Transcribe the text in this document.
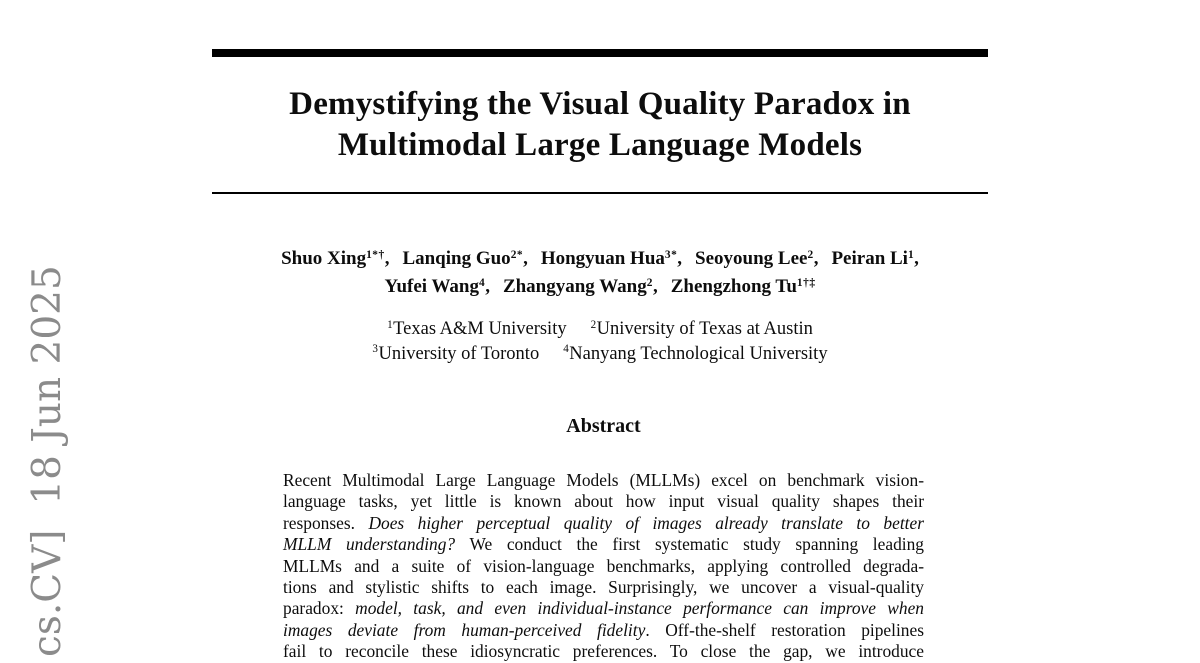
cs.CV]  18 Jun 2025
Demystifying the Visual Quality Paradox in
Multimodal Large Language Models
Shuo Xing$^{1*\dagger}$, Lanqing Guo$^{2*}$, Hongyuan Hua$^{3*}$, Seoyoung Lee$^2$, Peiran Li$^1$,
Yufei Wang$^4$, Zhangyang Wang$^2$, Zhengzhong $Tu^{1\dagger\ddagger}$
$^1$Texas A&M University $^2$University of Texas at Austin
$^3$University of Toronto $^4$Nanyang Technological University
Abstract
Recent Multimodal Large Language Models (MLLMs) excel on benchmark vision-
language tasks, yet little is known about how input visual quality shapes their
responses. Does higher perceptual quality of images already translate to better
MLLM understanding? We conduct the first systematic study spanning leading
MLLMs and a suite of vision-language benchmarks, applying controlled degrada-
tions and stylistic shifts to each image. Surprisingly, we uncover a visual-quality
paradox: model, task, and even individual-instance performance can improve when
images deviate from human-perceived fidelity. Off-the-shelf restoration pipelines
fail to reconcile these idiosyncratic preferences. To close the gap, we introduce
